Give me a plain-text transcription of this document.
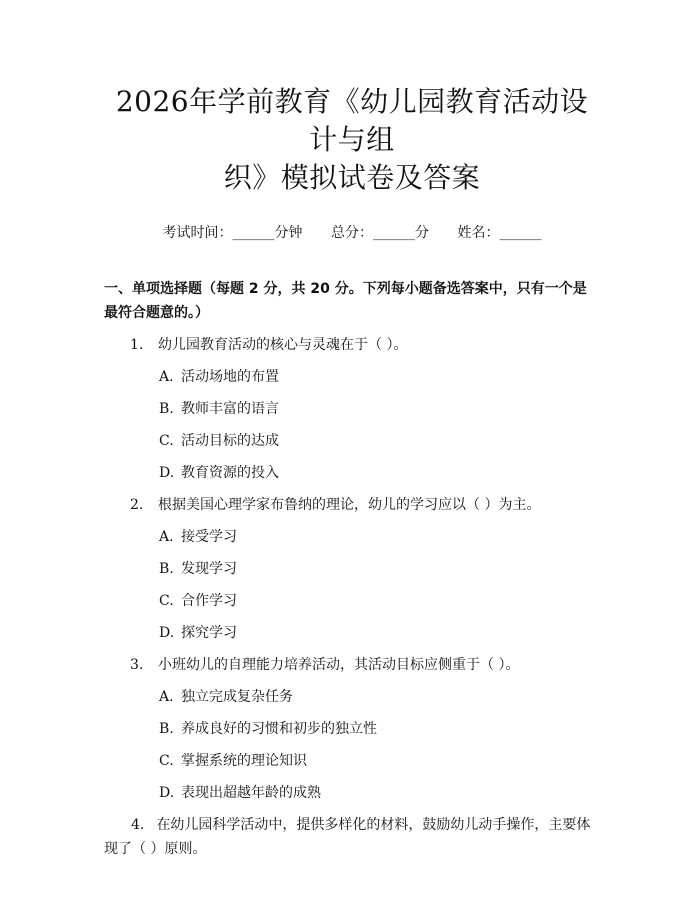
2026年学前教育《幼儿园教育活动设计与组
织》模拟试卷及答案
考试时间：______分钟 总分：______分 姓名：______
一、单项选择题（每题 2 分，共 20 分。下列每小题备选答案中，只有一个是最符合题意的。）
1. 幼儿园教育活动的核心与灵魂在于（ ）。
A. 活动场地的布置
B. 教师丰富的语言
C. 活动目标的达成
D. 教育资源的投入
2. 根据美国心理学家布鲁纳的理论，幼儿的学习应以（ ）为主。
A. 接受学习
B. 发现学习
C. 合作学习
D. 探究学习
3. 小班幼儿的自理能力培养活动，其活动目标应侧重于（ ）。
A. 独立完成复杂任务
B. 养成良好的习惯和初步的独立性
C. 掌握系统的理论知识
D. 表现出超越年龄的成熟
4. 在幼儿园科学活动中，提供多样化的材料，鼓励幼儿动手操作，主要体现了（ ）原则。
